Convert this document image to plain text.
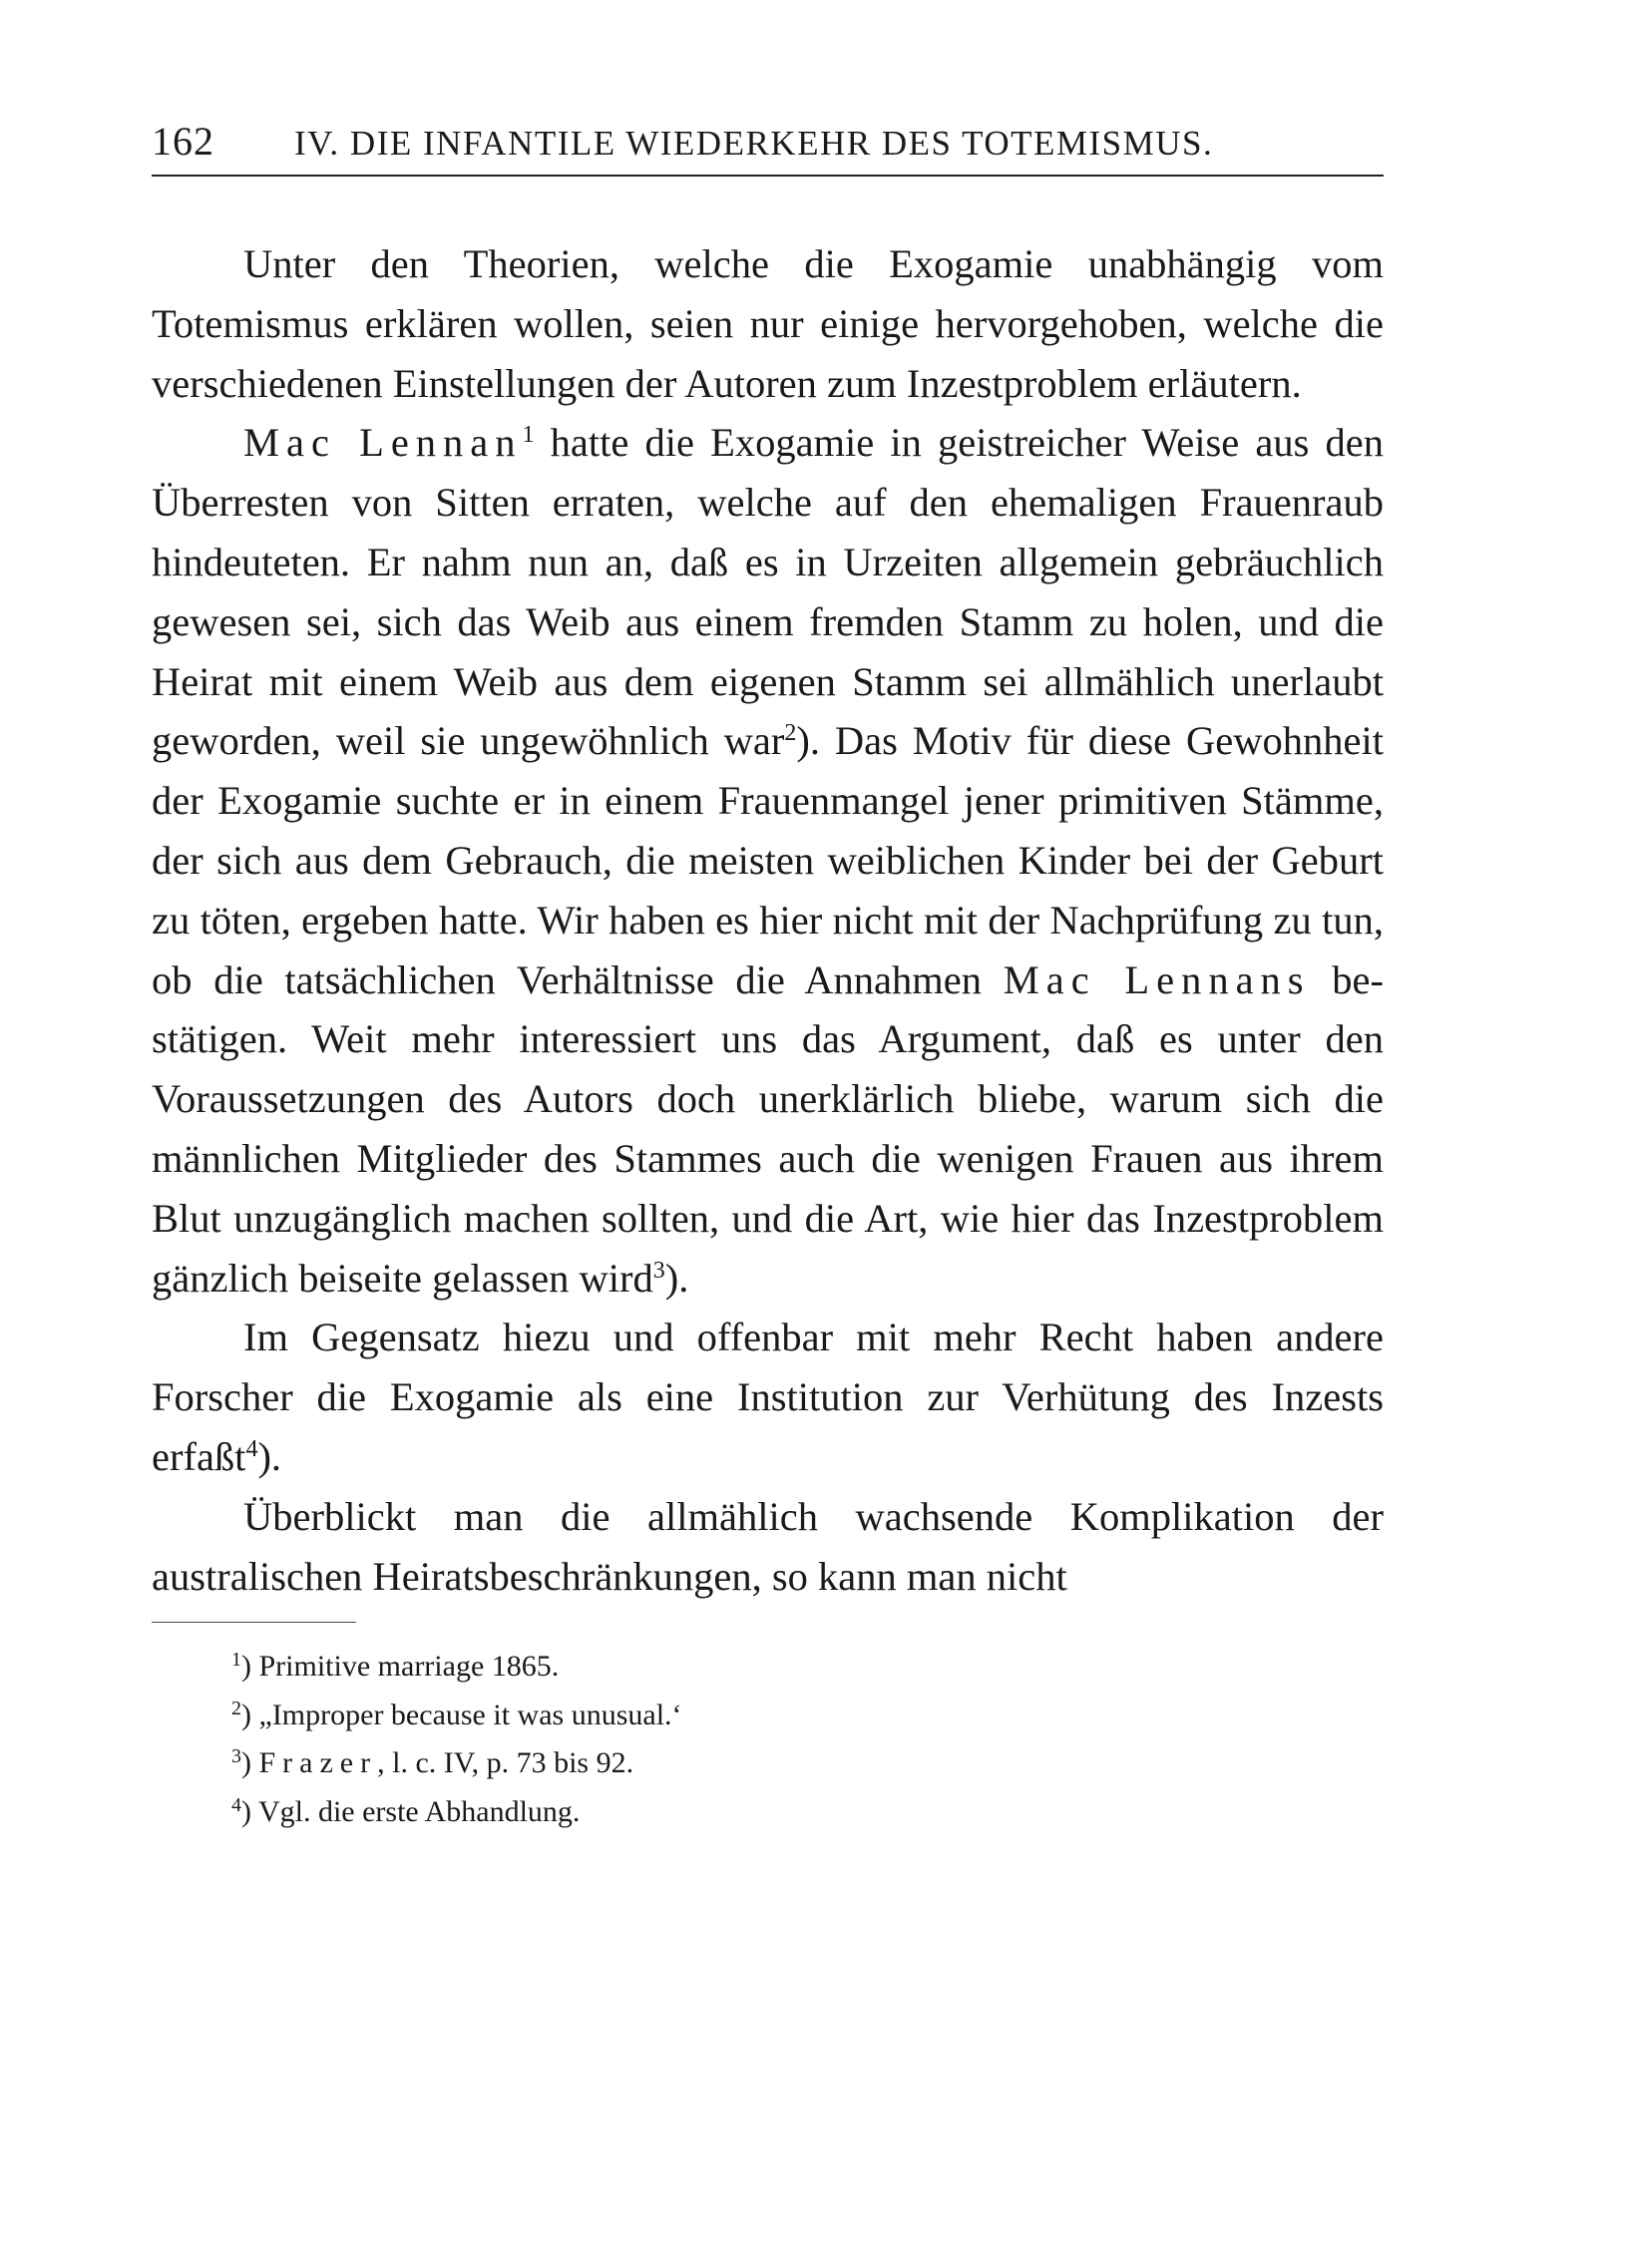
162 IV. DIE INFANTILE WIEDERKEHR DES TOTEMISMUS.

Unter den Theorien, welche die Exogamie unabhängig vom Totemismus erklären wollen, seien nur einige hervorgehoben, welche die verschiedenen Einstellungen der Autoren zum Inzestproblem erläutern.

Mac Lennan$^1$ hatte die Exogamie in geistreicher Weise aus den Überresten von Sitten erraten, welche auf den ehemaligen Frauenraub hindeuteten. Er nahm nun an, daß es in Urzeiten allgemein gebräuchlich gewesen sei, sich das Weib aus einem fremden Stamm zu holen, und die Heirat mit einem Weib aus dem eigenen Stamm sei allmählich unerlaubt geworden, weil sie ungewöhnlich war$^2$). Das Motiv für diese Gewohnheit der Exogamie suchte er in einem Frauenmangel jener primitiven Stämme, der sich aus dem Gebrauch, die meisten weiblichen Kinder bei der Geburt zu töten, ergeben hatte. Wir haben es hier nicht mit der Nachprüfung zu tun, ob die tatsächlichen Verhältnisse die Annahmen Mac Lennans bestätigen. Weit mehr interessiert uns das Argument, daß es unter den Voraussetzungen des Autors doch unerklärlich bliebe, warum sich die männlichen Mitglieder des Stammes auch die wenigen Frauen aus ihrem Blut unzugänglich machen sollten, und die Art, wie hier das Inzestproblem gänzlich beiseite gelassen wird$^3$).

Im Gegensatz hiezu und offenbar mit mehr Recht haben andere Forscher die Exogamie als eine Institution zur Verhütung des Inzests erfaßt$^4$).

Überblickt man die allmählich wachsende Komplikation der australischen Heiratsbeschränkungen, so kann man nicht

$^1$) Primitive marriage 1865.
$^2$) „Improper because it was unusual.‘
$^3$) Frazer, l. c. IV, p. 73 bis 92.
$^4$) Vgl. die erste Abhandlung.
